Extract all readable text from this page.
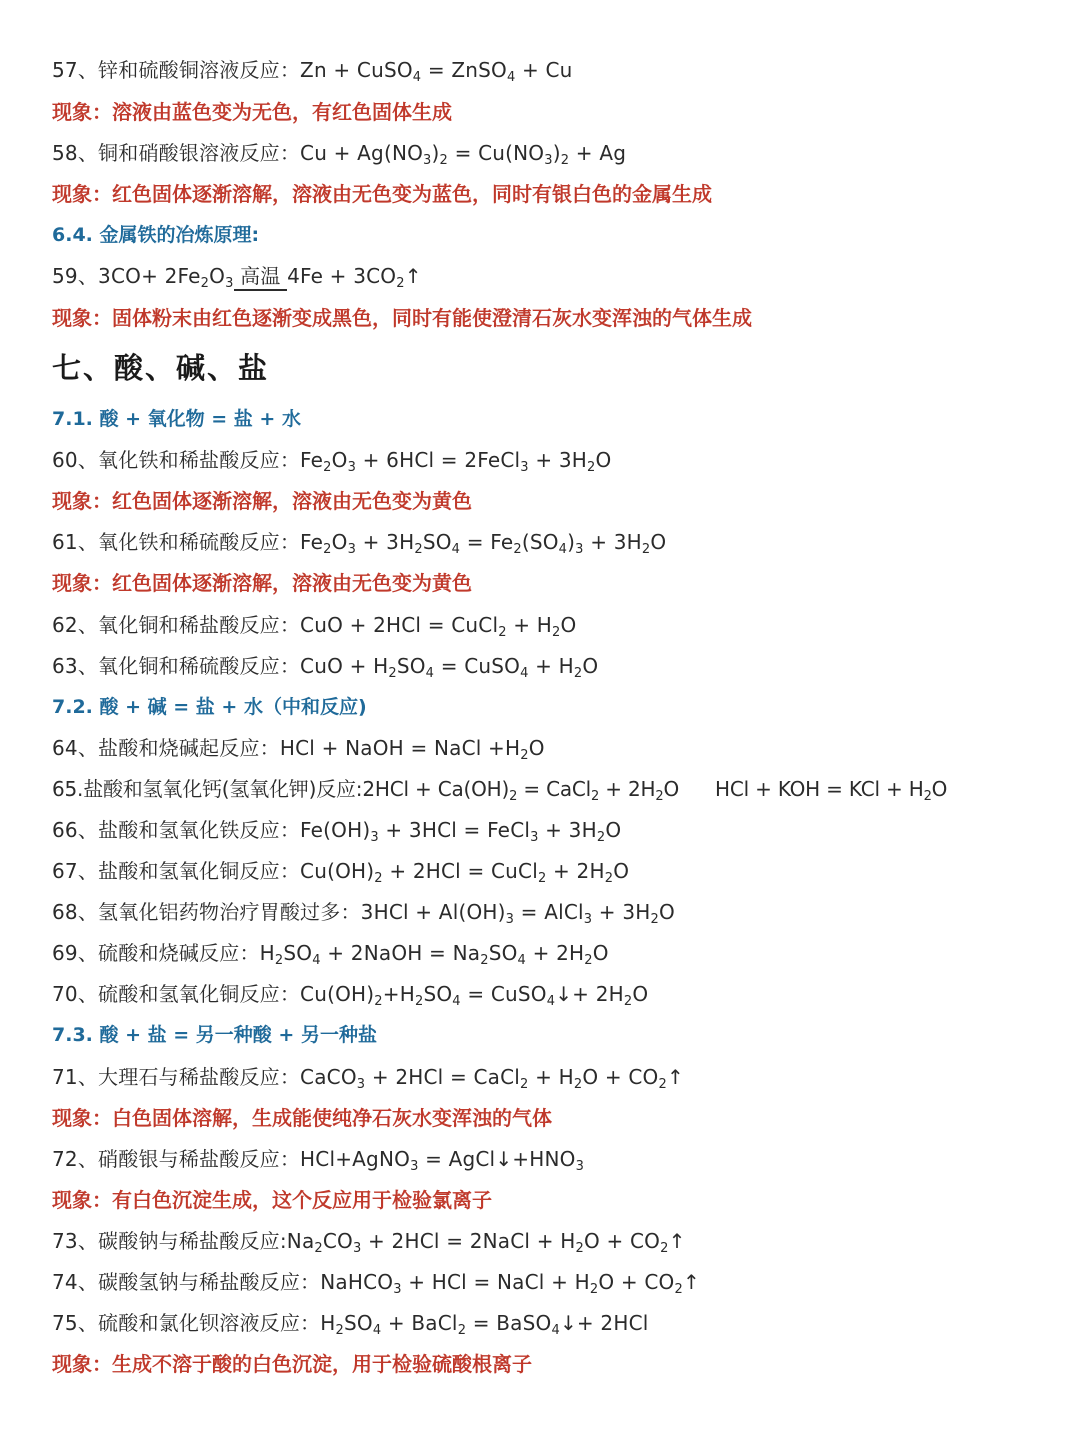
57、锌和硫酸铜溶液反应：Zn + CuSO$_4$ = ZnSO$_4$ + Cu
现象：溶液由蓝色变为无色，有红色固体生成
58、铜和硝酸银溶液反应：$Cu + Ag(NO_3)_2 = Cu(NO_3)_2 + Ag$
现象：红色固体逐渐溶解，溶液由无色变为蓝色，同时有银白色的金属生成
6.4. 金属铁的冶炼原理:
59、$3CO+ 2Fe_2O_3$ 高温 $4Fe + 3CO_2↑$
现象：固体粉末由红色逐渐变成黑色，同时有能使澄清石灰水变浑浊的气体生成
七、酸、碱、盐
7.1. 酸 + 氧化物 = 盐 + 水
60、氧化铁和稀盐酸反应：$Fe_2O_3 + 6HCl$ = 2FeCl$_3$ + $3H_2O$
现象：红色固体逐渐溶解，溶液由无色变为黄色
61、氧化铁和稀硫酸反应：$Fe_2O_3 + 3H_2SO_4 = Fe_2(SO_4)_3 + 3H_2O$
现象：红色固体逐渐溶解，溶液由无色变为黄色
62、氧化铜和稀盐酸反应：CuO + 2HCl = CuCl$_2$ + $H_2O$
63、氧化铜和稀硫酸反应：CuO + $H_2SO_4$ = CuSO$_4$ + $H_2O$
7.2. 酸 + 碱 = 盐 + 水（中和反应)
64、盐酸和烧碱起反应：HCl + NaOH = NaCl $+H_2O$
65.盐酸和氢氧化钙(氢氧化钾)反应:2HCl + $Ca(OH)_2$ = CaCl$_2$ + $2H_2O$ HCl + KOH = KCl + $H_2O$
66、盐酸和氢氧化铁反应：$Fe(OH)_3 + 3HCl$ = FeCl$_3$ + $3H_2O$
67、盐酸和氢氧化铜反应：$Cu(OH)_2 + 2HCl$ = CuCl$_2$ + $2H_2O$
68、氢氧化铝药物治疗胃酸过多：$3HCl + Al(OH)_3$ = AlCl$_3$ + $3H_2O$
69、硫酸和烧碱反应：$H_2SO_4$ + 2NaOH = $Na_2SO_4 + 2H_2O$
70、硫酸和氢氧化铜反应：$Cu(OH)_2+H_2SO_4$ = CuSO$_4$↓+ $2H_2O$
7.3. 酸 + 盐 = 另一种酸 + 另一种盐
71、大理石与稀盐酸反应：CaCO$_3$ + 2HCl = CaCl$_2$ + $H_2O$ + $CO_2↑$
现象：白色固体溶解，生成能使纯净石灰水变浑浊的气体
72、硝酸银与稀盐酸反应：HCl+AgNO$_3$ = $AgCl↓+HNO_3$
现象：有白色沉淀生成，这个反应用于检验氯离子
73、碳酸钠与稀盐酸反应$:Na_2CO_3 + 2HCl$ = 2NaCl + $H_2O$ + $CO_2↑$
74、碳酸氢钠与稀盐酸反应：NaHCO$_3$ + HCl = NaCl + $H_2O$ + $CO_2↑$
75、硫酸和氯化钡溶液反应：$H_2SO_4$ + BaCl$_2$ = BaSO$_4$↓+ 2HCl
现象：生成不溶于酸的白色沉淀，用于检验硫酸根离子
